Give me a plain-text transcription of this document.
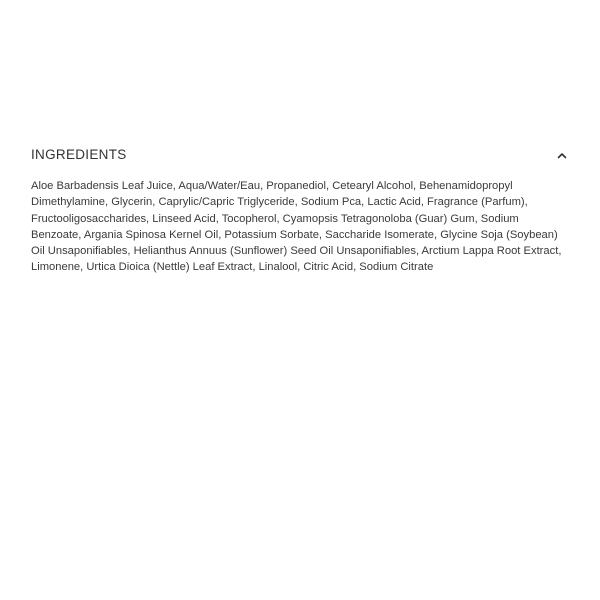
INGREDIENTS
Aloe Barbadensis Leaf Juice, Aqua/Water/Eau, Propanediol, Cetearyl Alcohol, Behenamidopropyl Dimethylamine, Glycerin, Caprylic/Capric Triglyceride, Sodium Pca, Lactic Acid, Fragrance (Parfum), Fructooligosaccharides, Linseed Acid, Tocopherol, Cyamopsis Tetragonoloba (Guar) Gum, Sodium Benzoate, Argania Spinosa Kernel Oil, Potassium Sorbate, Saccharide Isomerate, Glycine Soja (Soybean) Oil Unsaponifiables, Helianthus Annuus (Sunflower) Seed Oil Unsaponifiables, Arctium Lappa Root Extract, Limonene, Urtica Dioica (Nettle) Leaf Extract, Linalool, Citric Acid, Sodium Citrate
